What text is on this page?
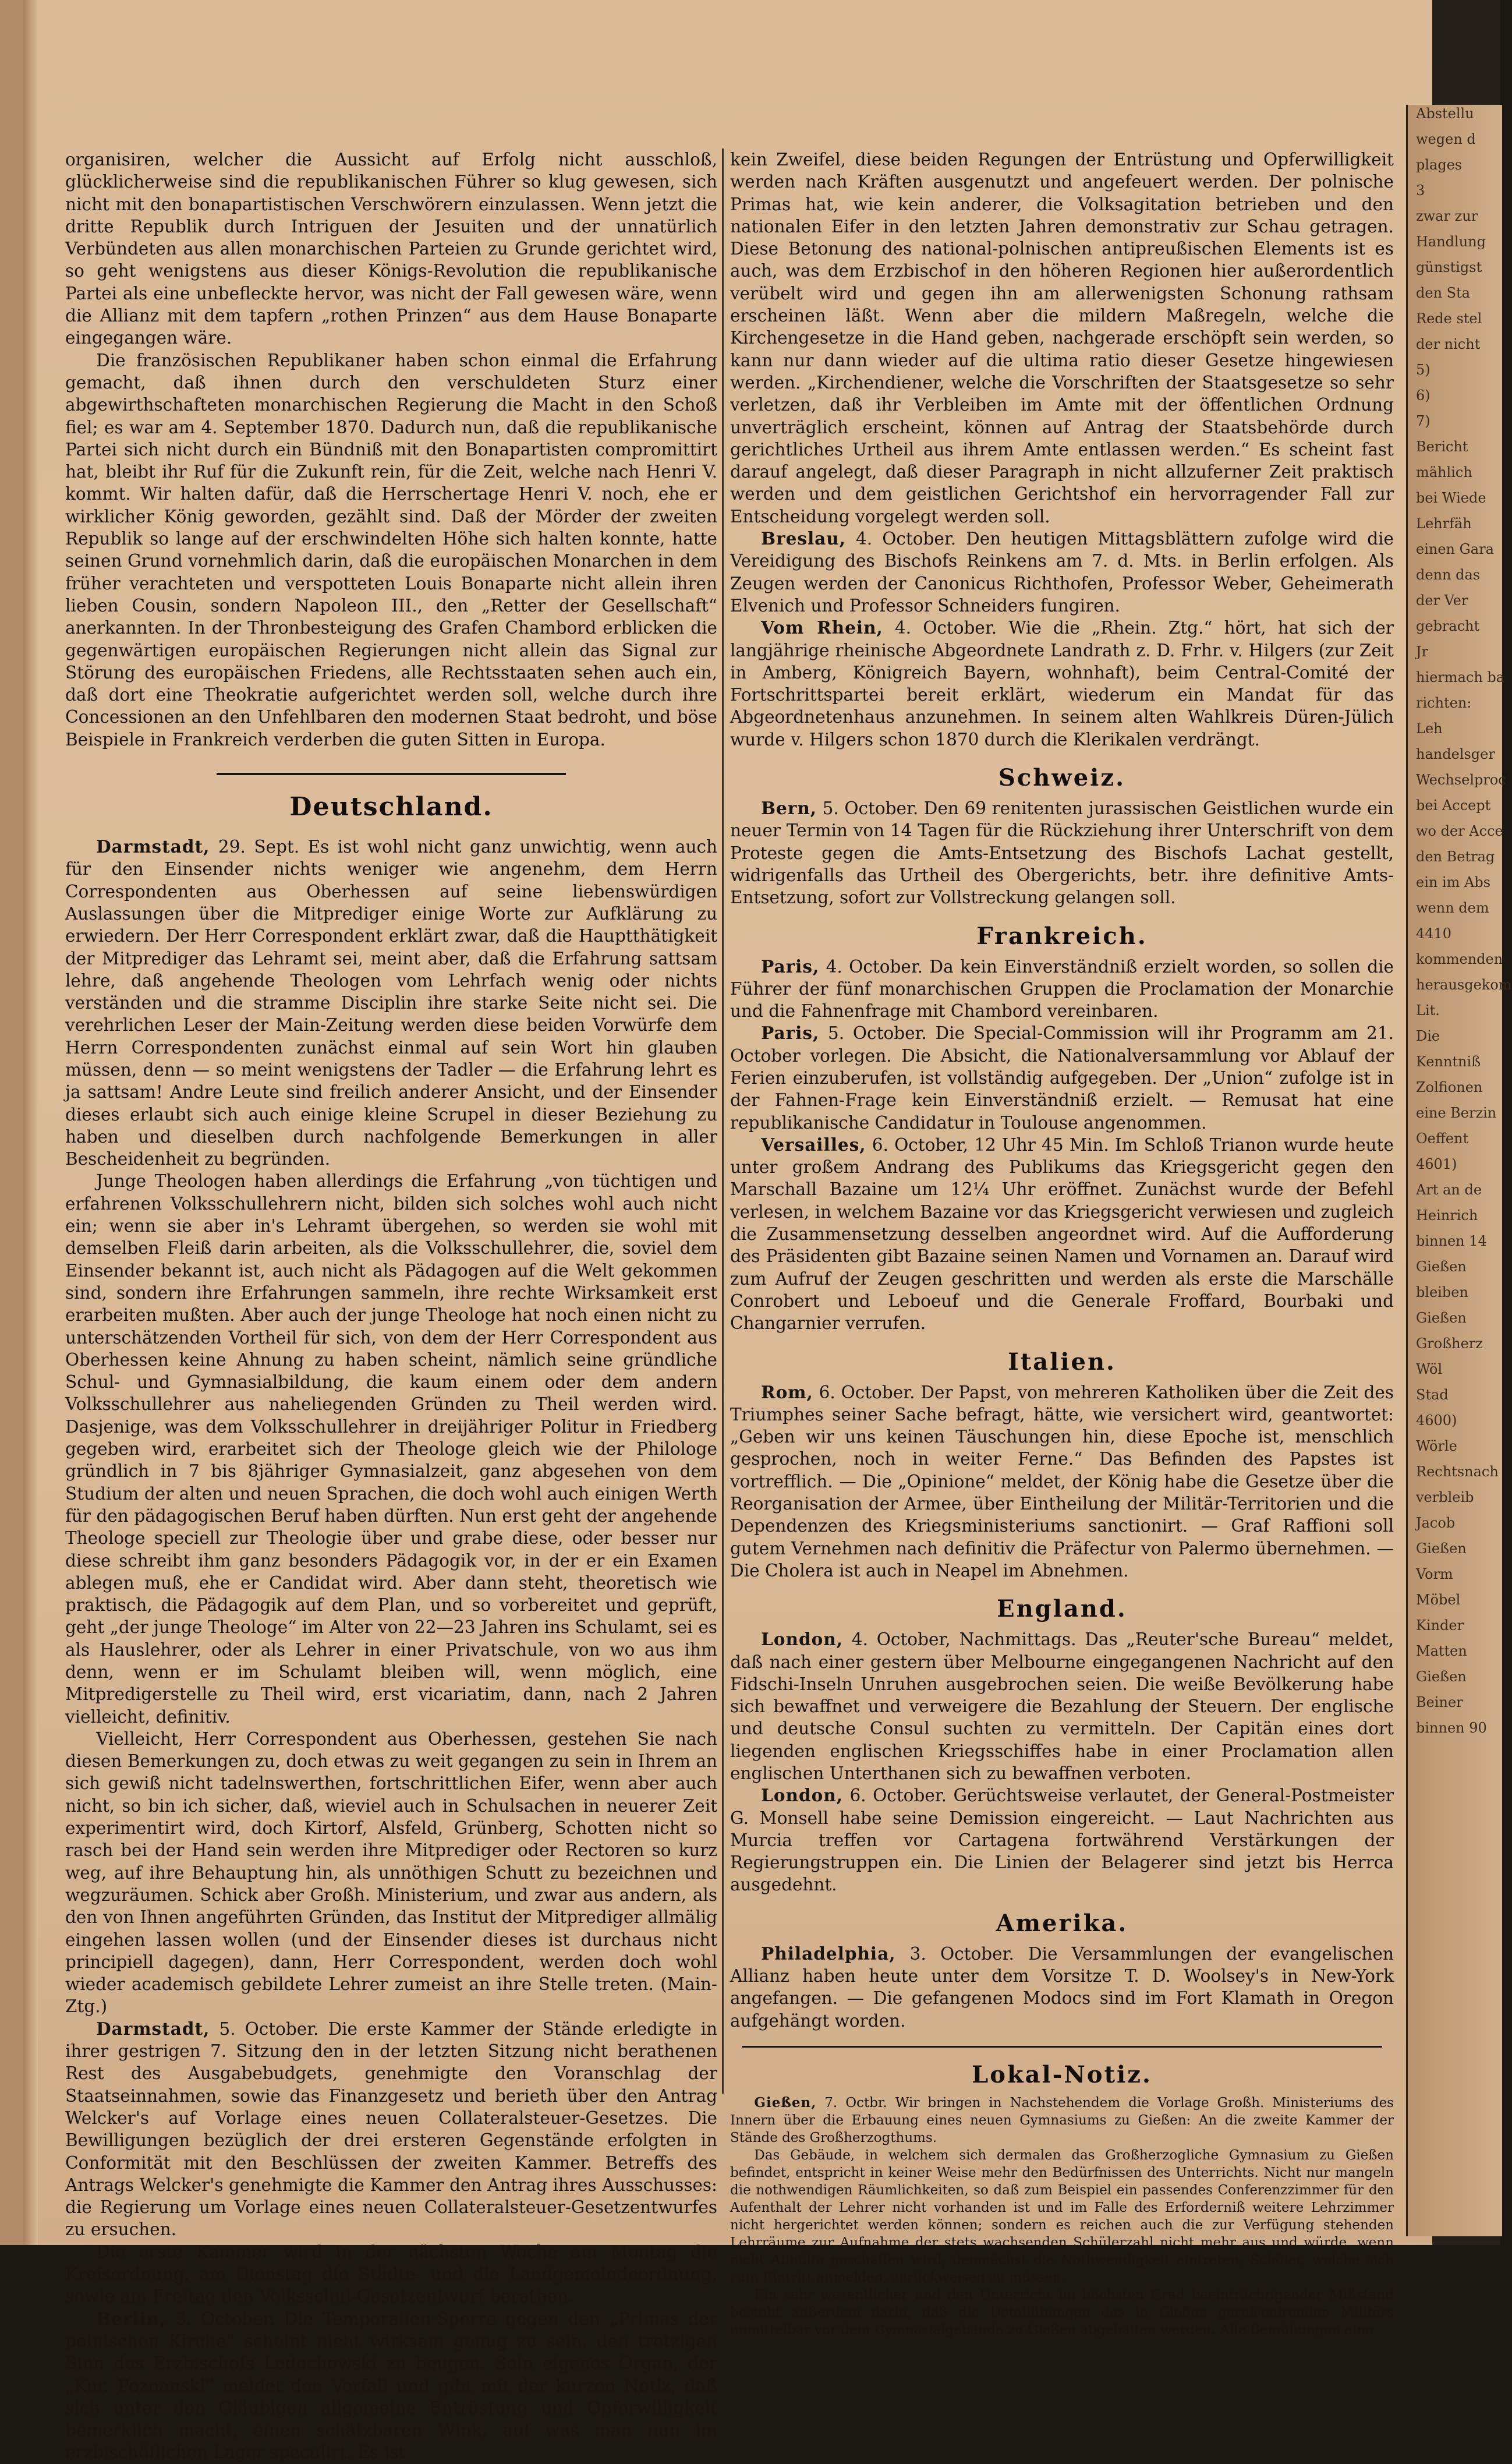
organisiren, welcher die Aussicht auf Erfolg nicht ausschloß, glücklicherweise sind die republikanischen Führer so klug gewesen, sich nicht mit den bonapartistischen Verschwörern einzulassen. Wenn jetzt die dritte Republik durch Intriguen der Jesuiten und der unnatürlich Verbündeten aus allen monarchischen Parteien zu Grunde gerichtet wird, so geht wenigstens aus dieser Königs-Revolution die republikanische Partei als eine unbefleckte hervor, was nicht der Fall gewesen wäre, wenn die Allianz mit dem tapfern „rothen Prinzen“ aus dem Hause Bonaparte eingegangen wäre.

Die französischen Republikaner haben schon einmal die Erfahrung gemacht, daß ihnen durch den verschuldeten Sturz einer abgewirthschafteten monarchischen Regierung die Macht in den Schoß fiel; es war am 4. September 1870. Dadurch nun, daß die republikanische Partei sich nicht durch ein Bündniß mit den Bonapartisten compromittirt hat, bleibt ihr Ruf für die Zukunft rein, für die Zeit, welche nach Henri V. kommt. Wir halten dafür, daß die Herrschertage Henri V. noch, ehe er wirklicher König geworden, gezählt sind. Daß der Mörder der zweiten Republik so lange auf der erschwindelten Höhe sich halten konnte, hatte seinen Grund vornehmlich darin, daß die europäischen Monarchen in dem früher verachteten und verspotteten Louis Bonaparte nicht allein ihren lieben Cousin, sondern Napoleon III., den „Retter der Gesellschaft“ anerkannten. In der Thronbesteigung des Grafen Chambord erblicken die gegenwärtigen europäischen Regierungen nicht allein das Signal zur Störung des europäischen Friedens, alle Rechtsstaaten sehen auch ein, daß dort eine Theokratie aufgerichtet werden soll, welche durch ihre Concessionen an den Unfehlbaren den modernen Staat bedroht, und böse Beispiele in Frankreich verderben die guten Sitten in Europa.

Deutschland.

Darmstadt, 29. Sept. Es ist wohl nicht ganz unwichtig, wenn auch für den Einsender nichts weniger wie angenehm, dem Herrn Correspondenten aus Oberhessen auf seine liebenswürdigen Auslassungen über die Mitprediger einige Worte zur Aufklärung zu erwiedern. Der Herr Correspondent erklärt zwar, daß die Hauptthätigkeit der Mitprediger das Lehramt sei, meint aber, daß die Erfahrung sattsam lehre, daß angehende Theologen vom Lehrfach wenig oder nichts verständen und die stramme Disciplin ihre starke Seite nicht sei. Die verehrlichen Leser der Main-Zeitung werden diese beiden Vorwürfe dem Herrn Correspondenten zunächst einmal auf sein Wort hin glauben müssen, denn — so meint wenigstens der Tadler — die Erfahrung lehrt es ja sattsam! Andre Leute sind freilich anderer Ansicht, und der Einsender dieses erlaubt sich auch einige kleine Scrupel in dieser Beziehung zu haben und dieselben durch nachfolgende Bemerkungen in aller Bescheidenheit zu begründen.

Junge Theologen haben allerdings die Erfahrung „von tüchtigen und erfahrenen Volksschullehrern nicht, bilden sich solches wohl auch nicht ein; wenn sie aber in's Lehramt übergehen, so werden sie wohl mit demselben Fleiß darin arbeiten, als die Volksschullehrer, die, soviel dem Einsender bekannt ist, auch nicht als Pädagogen auf die Welt gekommen sind, sondern ihre Erfahrungen sammeln, ihre rechte Wirksamkeit erst erarbeiten mußten. Aber auch der junge Theologe hat noch einen nicht zu unterschätzenden Vortheil für sich, von dem der Herr Correspondent aus Oberhessen keine Ahnung zu haben scheint, nämlich seine gründliche Schul- und Gymnasialbildung, die kaum einem oder dem andern Volksschullehrer aus naheliegenden Gründen zu Theil werden wird. Dasjenige, was dem Volksschullehrer in dreijähriger Politur in Friedberg gegeben wird, erarbeitet sich der Theologe gleich wie der Philologe gründlich in 7 bis 8jähriger Gymnasialzeit, ganz abgesehen von dem Studium der alten und neuen Sprachen, die doch wohl auch einigen Werth für den pädagogischen Beruf haben dürften. Nun erst geht der angehende Theologe speciell zur Theologie über und grabe diese, oder besser nur diese schreibt ihm ganz besonders Pädagogik vor, in der er ein Examen ablegen muß, ehe er Candidat wird. Aber dann steht, theoretisch wie praktisch, die Pädagogik auf dem Plan, und so vorbereitet und geprüft, geht „der junge Theologe“ im Alter von 22—23 Jahren ins Schulamt, sei es als Hauslehrer, oder als Lehrer in einer Privatschule, von wo aus ihm denn, wenn er im Schulamt bleiben will, wenn möglich, eine Mitpredigerstelle zu Theil wird, erst vicariatim, dann, nach 2 Jahren vielleicht, definitiv.

Vielleicht, Herr Correspondent aus Oberhessen, gestehen Sie nach diesen Bemerkungen zu, doch etwas zu weit gegangen zu sein in Ihrem an sich gewiß nicht tadelnswerthen, fortschrittlichen Eifer, wenn aber auch nicht, so bin ich sicher, daß, wieviel auch in Schulsachen in neuerer Zeit experimentirt wird, doch Kirtorf, Alsfeld, Grünberg, Schotten nicht so rasch bei der Hand sein werden ihre Mitprediger oder Rectoren so kurz weg, auf ihre Behauptung hin, als unnöthigen Schutt zu bezeichnen und wegzuräumen. Schick aber Großh. Ministerium, und zwar aus andern, als den von Ihnen angeführten Gründen, das Institut der Mitprediger allmälig eingehen lassen wollen (und der Einsender dieses ist durchaus nicht principiell dagegen), dann, Herr Correspondent, werden doch wohl wieder academisch gebildete Lehrer zumeist an ihre Stelle treten. (Main-Ztg.)

Darmstadt, 5. October. Die erste Kammer der Stände erledigte in ihrer gestrigen 7. Sitzung den in der letzten Sitzung nicht berathenen Rest des Ausgabebudgets, genehmigte den Voranschlag der Staatseinnahmen, sowie das Finanzgesetz und berieth über den Antrag Welcker's auf Vorlage eines neuen Collateralsteuer-Gesetzes. Die Bewilligungen bezüglich der drei ersteren Gegenstände erfolgten in Conformität mit den Beschlüssen der zweiten Kammer. Betreffs des Antrags Welcker's genehmigte die Kammer den Antrag ihres Ausschusses: die Regierung um Vorlage eines neuen Collateralsteuer-Gesetzentwurfes zu ersuchen.

Die erste Kammer wird in der nächsten Woche am Montag die Kreisordnung, am Dienstag die Städte- und die Landgemeindeordnung, sowie am Freitag den Volksschul-Gesetzentwurf berathen.

Berlin, 3. October. Die Temporalien-Sperre gegen den „Primas der polnischen Kirche“ scheint nicht wirksam genug zu sein, den trotzigen Sinn des Erzbischofs Ledochowski zu beugen. Sein eigenes Organ, der „Kur. Poznanski“ meldet den Vorfall und gibt mit der kurzen Notiz, daß sich unter den Gläubigen allgemeine Entrüstung und Opferwilligkeit bemerklich macht, einen schätzbaren Wink, auf was man nun im erzbischöflichen Lager speculirt. Es ist

kein Zweifel, diese beiden Regungen der Entrüstung und Opferwilligkeit werden nach Kräften ausgenutzt und angefeuert werden. Der polnische Primas hat, wie kein anderer, die Volksagitation betrieben und den nationalen Eifer in den letzten Jahren demonstrativ zur Schau getragen. Diese Betonung des national-polnischen antipreußischen Elements ist es auch, was dem Erzbischof in den höheren Regionen hier außerordentlich verübelt wird und gegen ihn am allerwenigsten Schonung rathsam erscheinen läßt. Wenn aber die mildern Maßregeln, welche die Kirchengesetze in die Hand geben, nachgerade erschöpft sein werden, so kann nur dann wieder auf die ultima ratio dieser Gesetze hingewiesen werden. „Kirchendiener, welche die Vorschriften der Staatsgesetze so sehr verletzen, daß ihr Verbleiben im Amte mit der öffentlichen Ordnung unverträglich erscheint, können auf Antrag der Staatsbehörde durch gerichtliches Urtheil aus ihrem Amte entlassen werden.“ Es scheint fast darauf angelegt, daß dieser Paragraph in nicht allzuferner Zeit praktisch werden und dem geistlichen Gerichtshof ein hervorragender Fall zur Entscheidung vorgelegt werden soll.

Breslau, 4. October. Den heutigen Mittagsblättern zufolge wird die Vereidigung des Bischofs Reinkens am 7. d. Mts. in Berlin erfolgen. Als Zeugen werden der Canonicus Richthofen, Professor Weber, Geheimerath Elvenich und Professor Schneiders fungiren.

Vom Rhein, 4. October. Wie die „Rhein. Ztg.“ hört, hat sich der langjährige rheinische Abgeordnete Landrath z. D. Frhr. v. Hilgers (zur Zeit in Amberg, Königreich Bayern, wohnhaft), beim Central-Comité der Fortschrittspartei bereit erklärt, wiederum ein Mandat für das Abgeordnetenhaus anzunehmen. In seinem alten Wahlkreis Düren-Jülich wurde v. Hilgers schon 1870 durch die Klerikalen verdrängt.

Schweiz.

Bern, 5. October. Den 69 renitenten jurassischen Geistlichen wurde ein neuer Termin von 14 Tagen für die Rückziehung ihrer Unterschrift von dem Proteste gegen die Amts-Entsetzung des Bischofs Lachat gestellt, widrigenfalls das Urtheil des Obergerichts, betr. ihre definitive Amts-Entsetzung, sofort zur Vollstreckung gelangen soll.

Frankreich.

Paris, 4. October. Da kein Einverständniß erzielt worden, so sollen die Führer der fünf monarchischen Gruppen die Proclamation der Monarchie und die Fahnenfrage mit Chambord vereinbaren.

Paris, 5. October. Die Special-Commission will ihr Programm am 21. October vorlegen. Die Absicht, die Nationalversammlung vor Ablauf der Ferien einzuberufen, ist vollständig aufgegeben. Der „Union“ zufolge ist in der Fahnen-Frage kein Einverständniß erzielt. — Remusat hat eine republikanische Candidatur in Toulouse angenommen.

Versailles, 6. October, 12 Uhr 45 Min. Im Schloß Trianon wurde heute unter großem Andrang des Publikums das Kriegsgericht gegen den Marschall Bazaine um 12¼ Uhr eröffnet. Zunächst wurde der Befehl verlesen, in welchem Bazaine vor das Kriegsgericht verwiesen und zugleich die Zusammensetzung desselben angeordnet wird. Auf die Aufforderung des Präsidenten gibt Bazaine seinen Namen und Vornamen an. Darauf wird zum Aufruf der Zeugen geschritten und werden als erste die Marschälle Conrobert und Leboeuf und die Generale Froffard, Bourbaki und Changarnier verrufen.

Italien.

Rom, 6. October. Der Papst, von mehreren Katholiken über die Zeit des Triumphes seiner Sache befragt, hätte, wie versichert wird, geantwortet: „Geben wir uns keinen Täuschungen hin, diese Epoche ist, menschlich gesprochen, noch in weiter Ferne.“ Das Befinden des Papstes ist vortrefflich. — Die „Opinione“ meldet, der König habe die Gesetze über die Reorganisation der Armee, über Eintheilung der Militär-Territorien und die Dependenzen des Kriegsministeriums sanctionirt. — Graf Raffioni soll gutem Vernehmen nach definitiv die Präfectur von Palermo übernehmen. — Die Cholera ist auch in Neapel im Abnehmen.

England.

London, 4. October, Nachmittags. Das „Reuter'sche Bureau“ meldet, daß nach einer gestern über Melbourne eingegangenen Nachricht auf den Fidschi-Inseln Unruhen ausgebrochen seien. Die weiße Bevölkerung habe sich bewaffnet und verweigere die Bezahlung der Steuern. Der englische und deutsche Consul suchten zu vermitteln. Der Capitän eines dort liegenden englischen Kriegsschiffes habe in einer Proclamation allen englischen Unterthanen sich zu bewaffnen verboten.

London, 6. October. Gerüchtsweise verlautet, der General-Postmeister G. Monsell habe seine Demission eingereicht. — Laut Nachrichten aus Murcia treffen vor Cartagena fortwährend Verstärkungen der Regierungstruppen ein. Die Linien der Belagerer sind jetzt bis Herrca ausgedehnt.

Amerika.

Philadelphia, 3. October. Die Versammlungen der evangelischen Allianz haben heute unter dem Vorsitze T. D. Woolsey's in New-York angefangen. — Die gefangenen Modocs sind im Fort Klamath in Oregon aufgehängt worden.

Lokal-Notiz.

Gießen, 7. Octbr. Wir bringen in Nachstehendem die Vorlage Großh. Ministeriums des Innern über die Erbauung eines neuen Gymnasiums zu Gießen: An die zweite Kammer der Stände des Großherzogthums.

Das Gebäude, in welchem sich dermalen das Großherzogliche Gymnasium zu Gießen befindet, entspricht in keiner Weise mehr den Bedürfnissen des Unterrichts. Nicht nur mangeln die nothwendigen Räumlichkeiten, so daß zum Beispiel ein passendes Conferenzzimmer für den Aufenthalt der Lehrer nicht vorhanden ist und im Falle des Erforderniß weitere Lehrzimmer nicht hergerichtet werden können; sondern es reichen auch die zur Verfügung stehenden Lehrräume zur Aufnahme der stets wachsenden Schülerzahl nicht mehr aus und würde, wenn nicht Abhülfe geschaffen wird, demnächst die Nothwendigkeit eintreten, Schüler, welche sich zum Eintritt anmelden, zurückweisen zu müssen.

Ein sehr wesentlicher und den Unterricht im höchsten Grad beeinträchtigender Mißstand besteht außerdem darin, daß die Detailübungen des in Gießen garnisonirenden Militärs unmittelbar vor dem Gymnasialgebäude zu Gießen abgehalten werden. Alle Bemühungen eine

Abstellu

wegen d

plages

3

zwar zur

Handlung

günstigst

den Sta

Rede stel

der nicht

5)

6)

7)

Bericht

mählich

bei Wiede

Lehrfäh

einen Gara

denn das

der Ver

gebracht

Jr

hiermach ba

richten:

Leh

handelsger

Wechselproc

bei Accept

wo der Acce

den Betrag

ein im Abs

wenn dem

4410

kommenden

herausgekom

Lit.

Die

Kenntniß

Zolfionen

eine Berzin

Oeffent

4601)

Art an de

Heinrich

binnen 14

Gießen

bleiben

Gießen

Großherz

Wöl

Stad

4600)

Wörle

Rechtsnach

verbleib

Jacob

Gießen

Vorm

Möbel

Kinder

Matten

Gießen

Beiner

binnen 90
